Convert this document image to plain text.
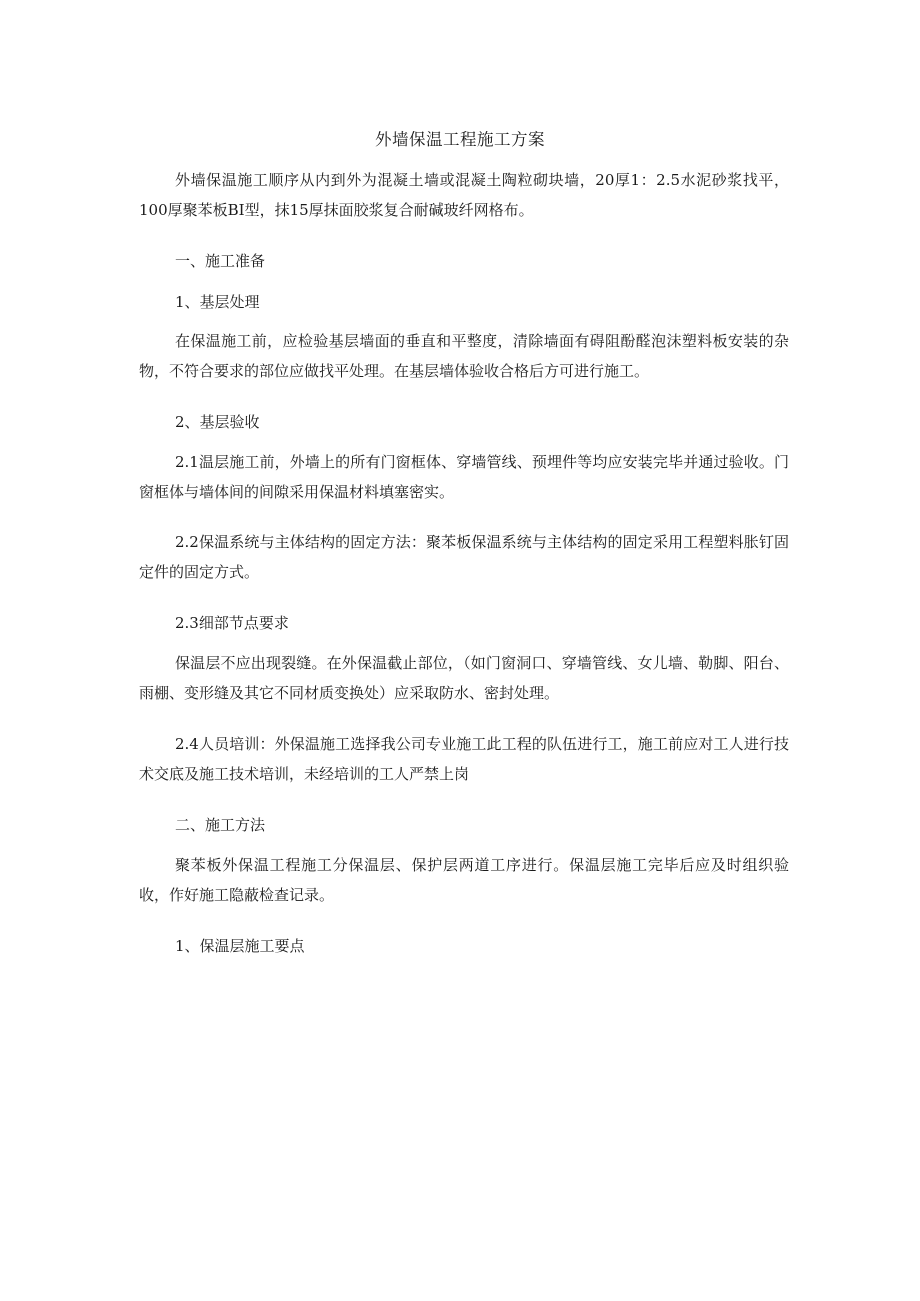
外墙保温工程施工方案

外墙保温施工顺序从内到外为混凝土墙或混凝土陶粒砌块墙，20厚1：2.5水泥砂浆找平，100厚聚苯板BI型，抹15厚抹面胶浆复合耐碱玻纤网格布。

一、施工准备

1、基层处理

在保温施工前，应检验基层墙面的垂直和平整度，清除墙面有碍阻酚醛泡沫塑料板安装的杂物，不符合要求的部位应做找平处理。在基层墙体验收合格后方可进行施工。

2、基层验收

2.1温层施工前，外墙上的所有门窗框体、穿墙管线、预埋件等均应安装完毕并通过验收。门窗框体与墙体间的间隙采用保温材料填塞密实。

2.2保温系统与主体结构的固定方法：聚苯板保温系统与主体结构的固定采用工程塑料胀钉固定件的固定方式。

2.3细部节点要求

保温层不应出现裂缝。在外保温截止部位，（如门窗洞口、穿墙管线、女儿墙、勒脚、阳台、雨棚、变形缝及其它不同材质变换处）应采取防水、密封处理。

2.4人员培训：外保温施工选择我公司专业施工此工程的队伍进行工，施工前应对工人进行技术交底及施工技术培训，未经培训的工人严禁上岗

二、施工方法

聚苯板外保温工程施工分保温层、保护层两道工序进行。保温层施工完毕后应及时组织验收，作好施工隐蔽检查记录。

1、保温层施工要点
